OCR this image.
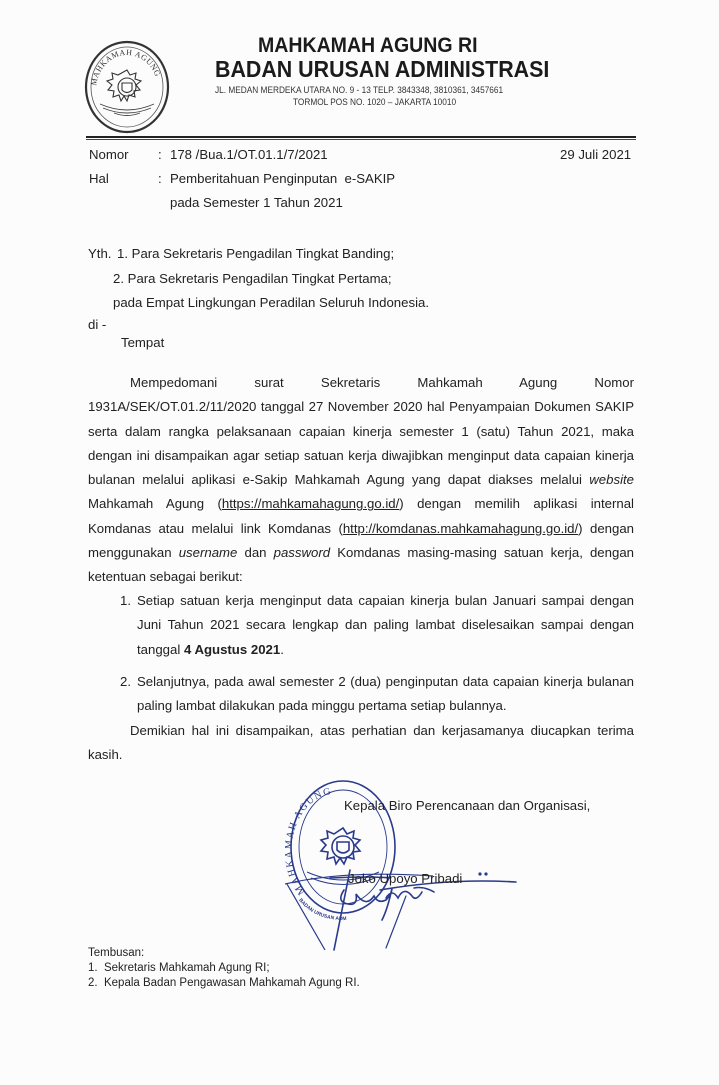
MAHKAMAH AGUNG
MAHKAMAH AGUNG RI
BADAN URUSAN ADMINISTRASI
JL. MEDAN MERDEKA UTARA NO. 9 - 13 TELP. 3843348, 3810361, 3457661
TORMOL POS NO. 1020 – JAKARTA 10010
Nomor : 178 /Bua.1/OT.01.1/7/2021	29 Juli 2021
Hal	: Pemberitahuan Penginputan  e-SAKIP
pada Semester 1 Tahun 2021
Yth. 1. Para Sekretaris Pengadilan Tingkat Banding;
2. Para Sekretaris Pengadilan Tingkat Pertama;
pada Empat Lingkungan Peradilan Seluruh Indonesia.
di -
Tempat

Mempedomani surat Sekretaris Mahkamah Agung Nomor 1931A/SEK/OT.01.2/11/2020 tanggal 27 November 2020 hal Penyampaian Dokumen SAKIP serta dalam rangka pelaksanaan capaian kinerja semester 1 (satu) Tahun 2021, maka dengan ini disampaikan agar setiap satuan kerja diwajibkan menginput data capaian kinerja bulanan melalui aplikasi e-Sakip Mahkamah Agung yang dapat diakses melalui website Mahkamah Agung (https://mahkamahagung.go.id/) dengan memilih aplikasi internal Komdanas atau melalui link Komdanas (http://komdanas.mahkamahagung.go.id/) dengan menggunakan username dan password Komdanas masing-masing satuan kerja, dengan ketentuan sebagai berikut:

1. Setiap satuan kerja menginput data capaian kinerja bulan Januari sampai dengan Juni Tahun 2021 secara lengkap dan paling lambat diselesaikan sampai dengan tanggal 4 Agustus 2021.
2. Selanjutnya, pada awal semester 2 (dua) penginputan data capaian kinerja bulanan paling lambat dilakukan pada minggu pertama setiap bulannya.

Demikian hal ini disampaikan, atas perhatian dan kerjasamanya diucapkan terima kasih.

MAHK AH AGUNG
BADAN URUSAN ADM
Kepala Biro Perencanaan dan Organisasi,
Joko Upoyo Pribadi
Tembusan:
1.  Sekretaris Mahkamah Agung RI;
2.  Kepala Badan Pengawasan Mahkamah Agung RI.
